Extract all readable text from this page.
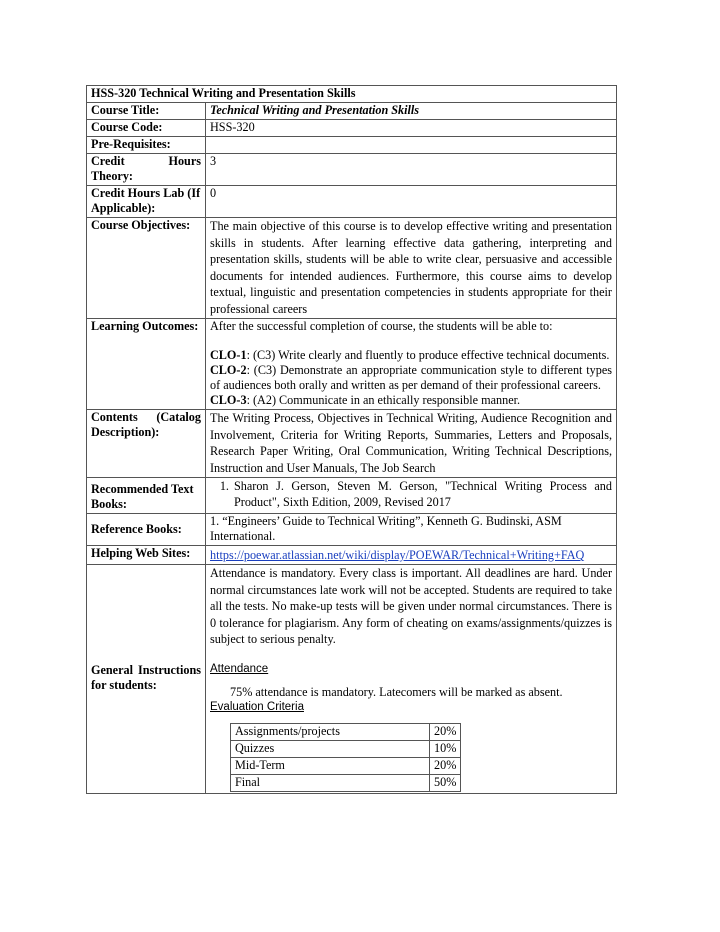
HSS-320 Technical Writing and Presentation Skills
Course Title:	Technical Writing and Presentation Skills
Course Code:	HSS-320
Pre-Requisites:	
Credit Hours Theory:	3
Credit Hours Lab (If Applicable):	0
Course Objectives:	The main objective of this course is to develop effective writing and presentation skills in students. After learning effective data gathering, interpreting and presentation skills, students will be able to write clear, persuasive and accessible documents for intended audiences. Furthermore, this course aims to develop textual, linguistic and presentation competencies in students appropriate for their professional careers
Learning Outcomes:	After the successful completion of course, the students will be able to:
CLO-1: (C3) Write clearly and fluently to produce effective technical documents.
CLO-2: (C3) Demonstrate an appropriate communication style to different types of audiences both orally and written as per demand of their professional careers.
CLO-3: (A2) Communicate in an ethically responsible manner.

Contents (Catalog Description):	The Writing Process, Objectives in Technical Writing, Audience Recognition and Involvement, Criteria for Writing Reports, Summaries, Letters and Proposals, Research Paper Writing, Oral Communication, Writing Technical Descriptions, Instruction and User Manuals, The Job Search
Recommended Text Books:	
1. Sharon J. Gerson, Steven M. Gerson, "Technical Writing Process and Product", Sixth Edition, 2009, Revised 2017

Reference Books:	1. “Engineers’ Guide to Technical Writing”, Kenneth G. Budinski, ASM International.
Helping Web Sites:	https://poewar.atlassian.net/wiki/display/POEWAR/Technical+Writing+FAQ
General Instructions for students:	
Attendance is mandatory. Every class is important. All deadlines are hard. Under normal circumstances late work will not be accepted. Students are required to take all the tests. No make-up tests will be given under normal circumstances. There is 0 tolerance for plagiarism. Any form of cheating on exams/assignments/quizzes is subject to serious penalty.
Attendance
75% attendance is mandatory. Latecomers will be marked as absent.
Evaluation Criteria
Assignments/projects	20%
Quizzes	10%
Mid-Term	20%
Final	50%
